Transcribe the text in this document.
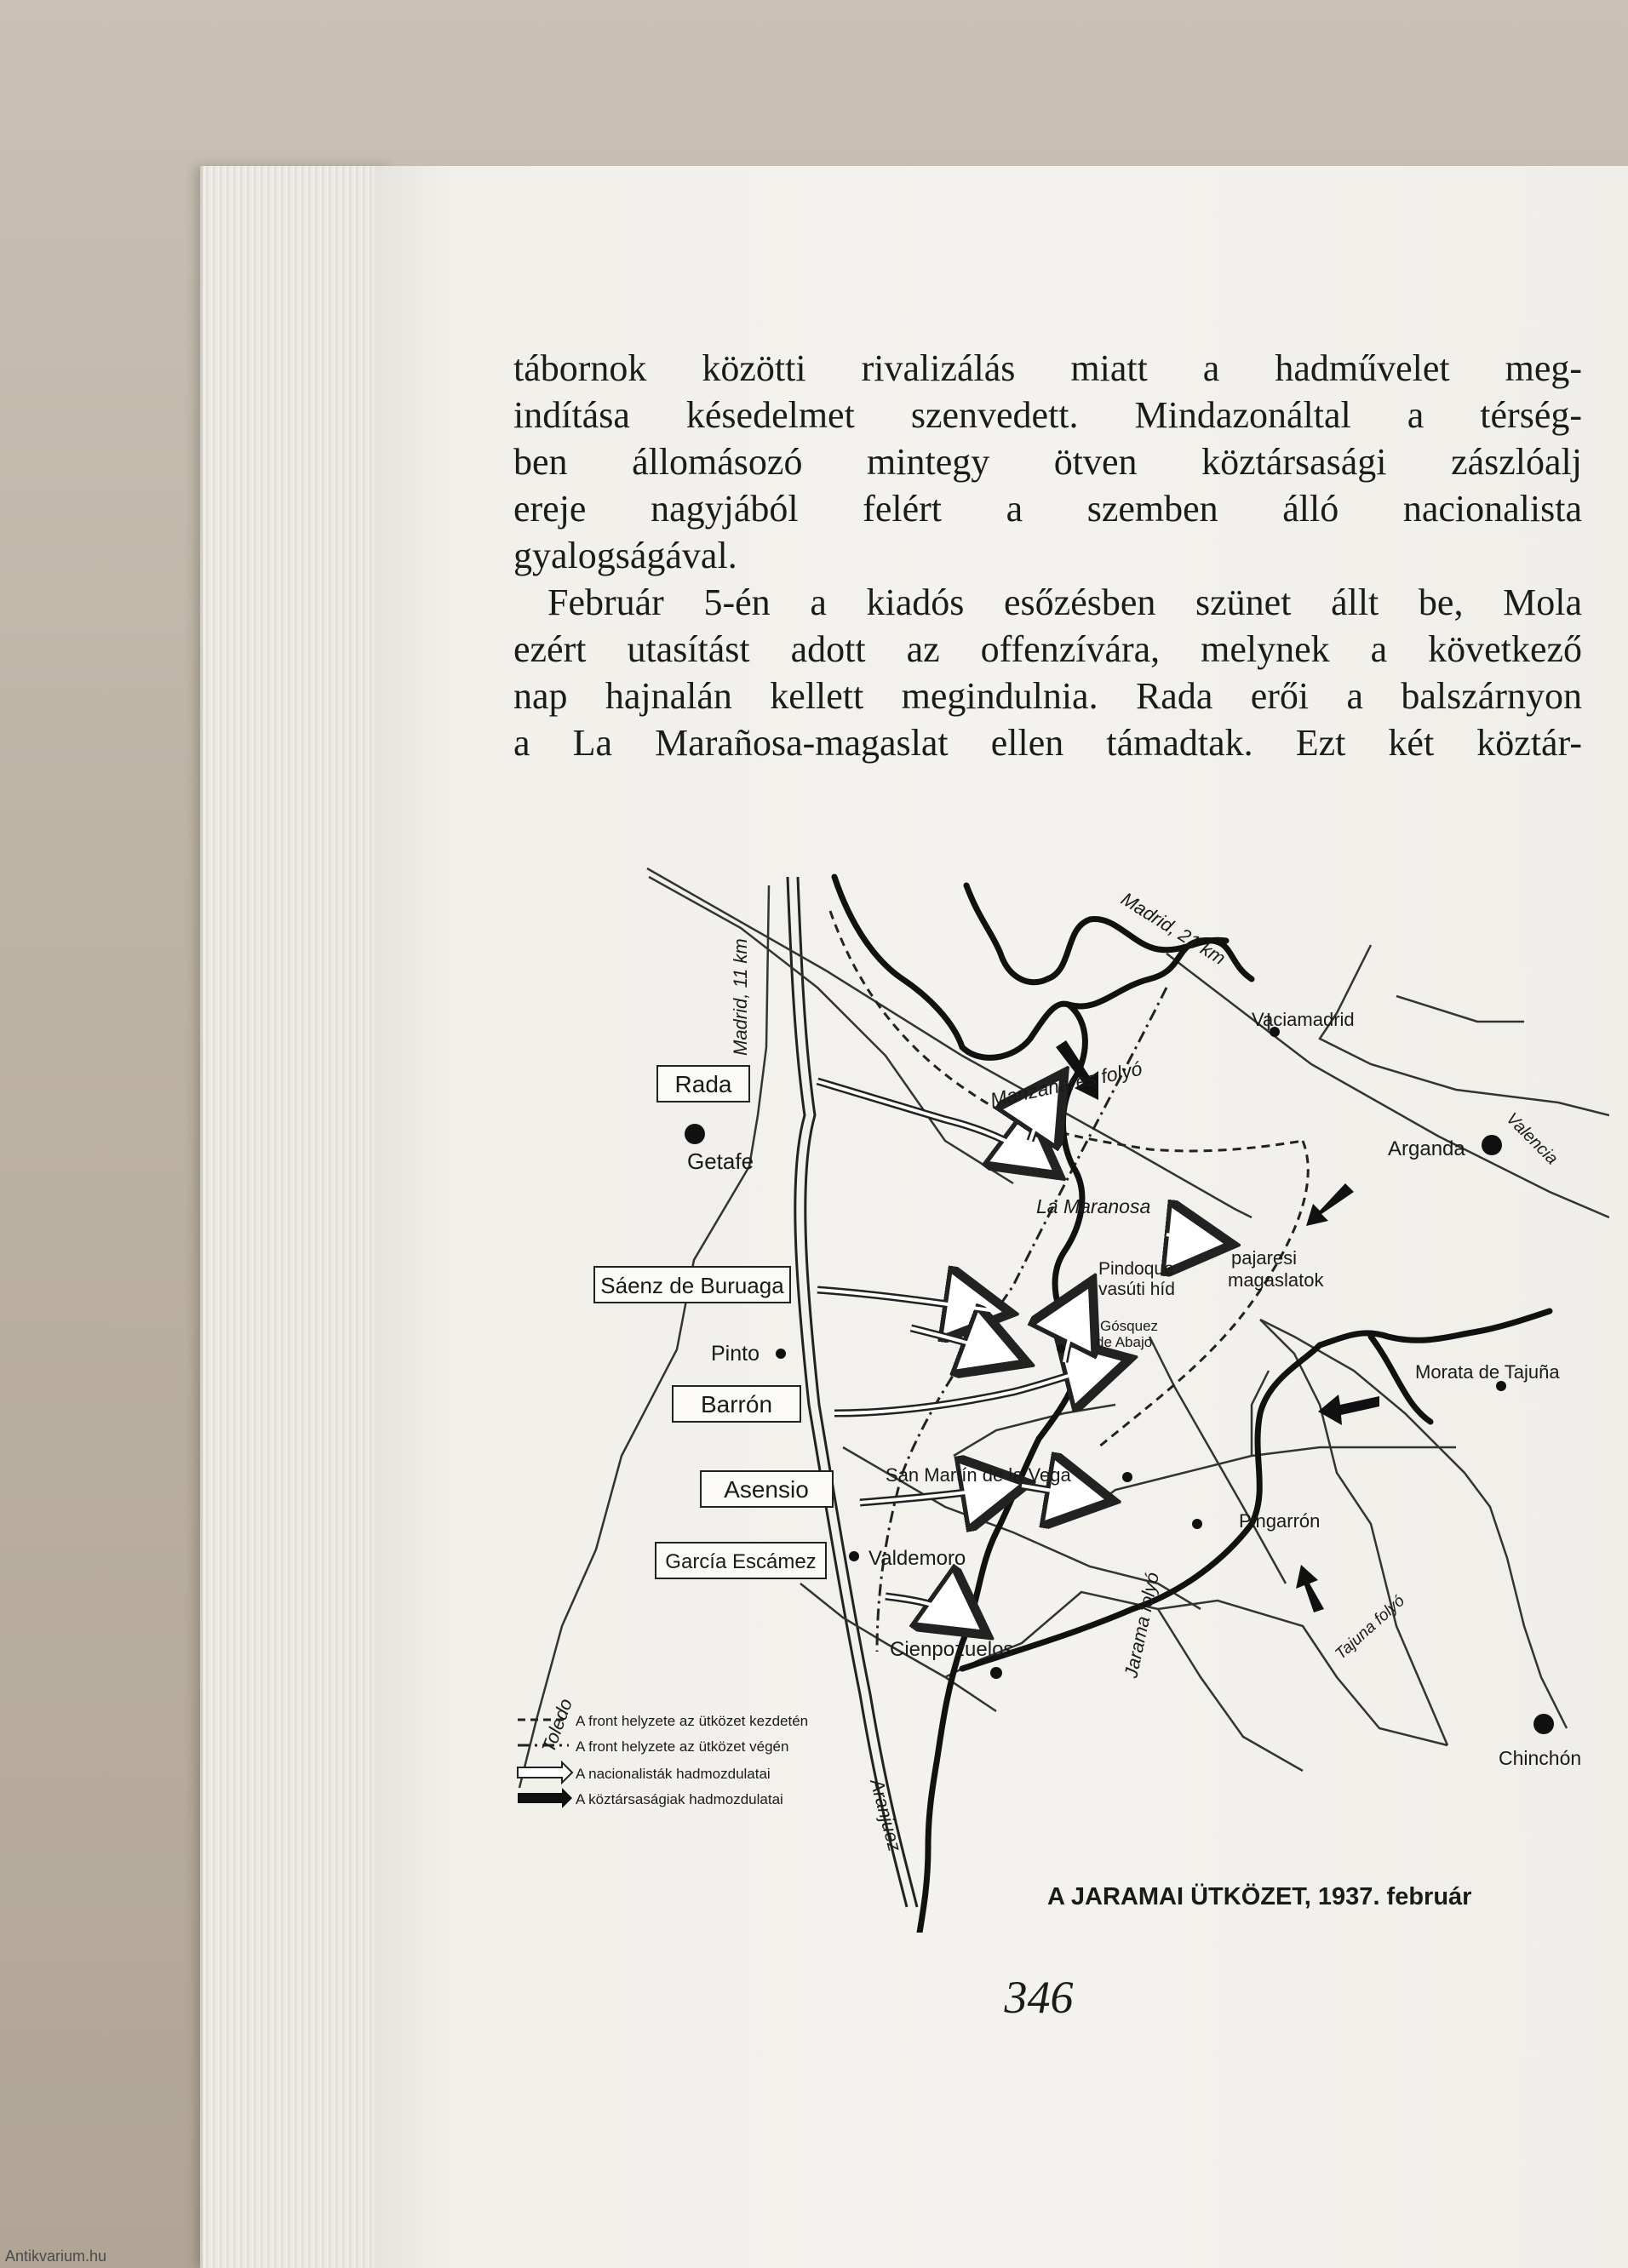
tábornok közötti rivalizálás miatt a hadművelet meg-
indítása késedelmet szenvedett. Mindazonáltal a térség-
ben állomásozó mintegy ötven köztársasági zászlóalj
ereje nagyjából felért a szemben álló nacionalista
gyalogságával.
Február 5-én a kiadós esőzésben szünet állt be, Mola
ezért utasítást adott az offenzívára, melynek a következő
nap hajnalán kellett megindulnia. Rada erői a balszárnyon
a La Marañosa-magaslat ellen támadtak. Ezt két köztár-
Rada
Sáenz de Buruaga
Barrón
Asensio
García Escámez
Getafe
Pinto
Valdemoro
Cienpozuelos
Vaciamadrid
Arganda
La Maranosa
Pindoque
vasúti híd
pajaresi
magaslatok
Gósquez
de Abajo
San Martín de la Vega
Morata de Tajuña
Pingarrón
Chinchón
Madrid, 11 km
Madrid, 21 km
Valencia
Toledo
Aranjuez
Manzanares folyó
Jarama folyó	Tajuna folyó
A front helyzete az ütközet kezdetén
A front helyzete az ütközet végén
A nacionalisták hadmozdulatai
A köztársaságiak hadmozdulatai
A JARAMAI ÜTKÖZET, 1937. február
346
Antikvarium.hu
